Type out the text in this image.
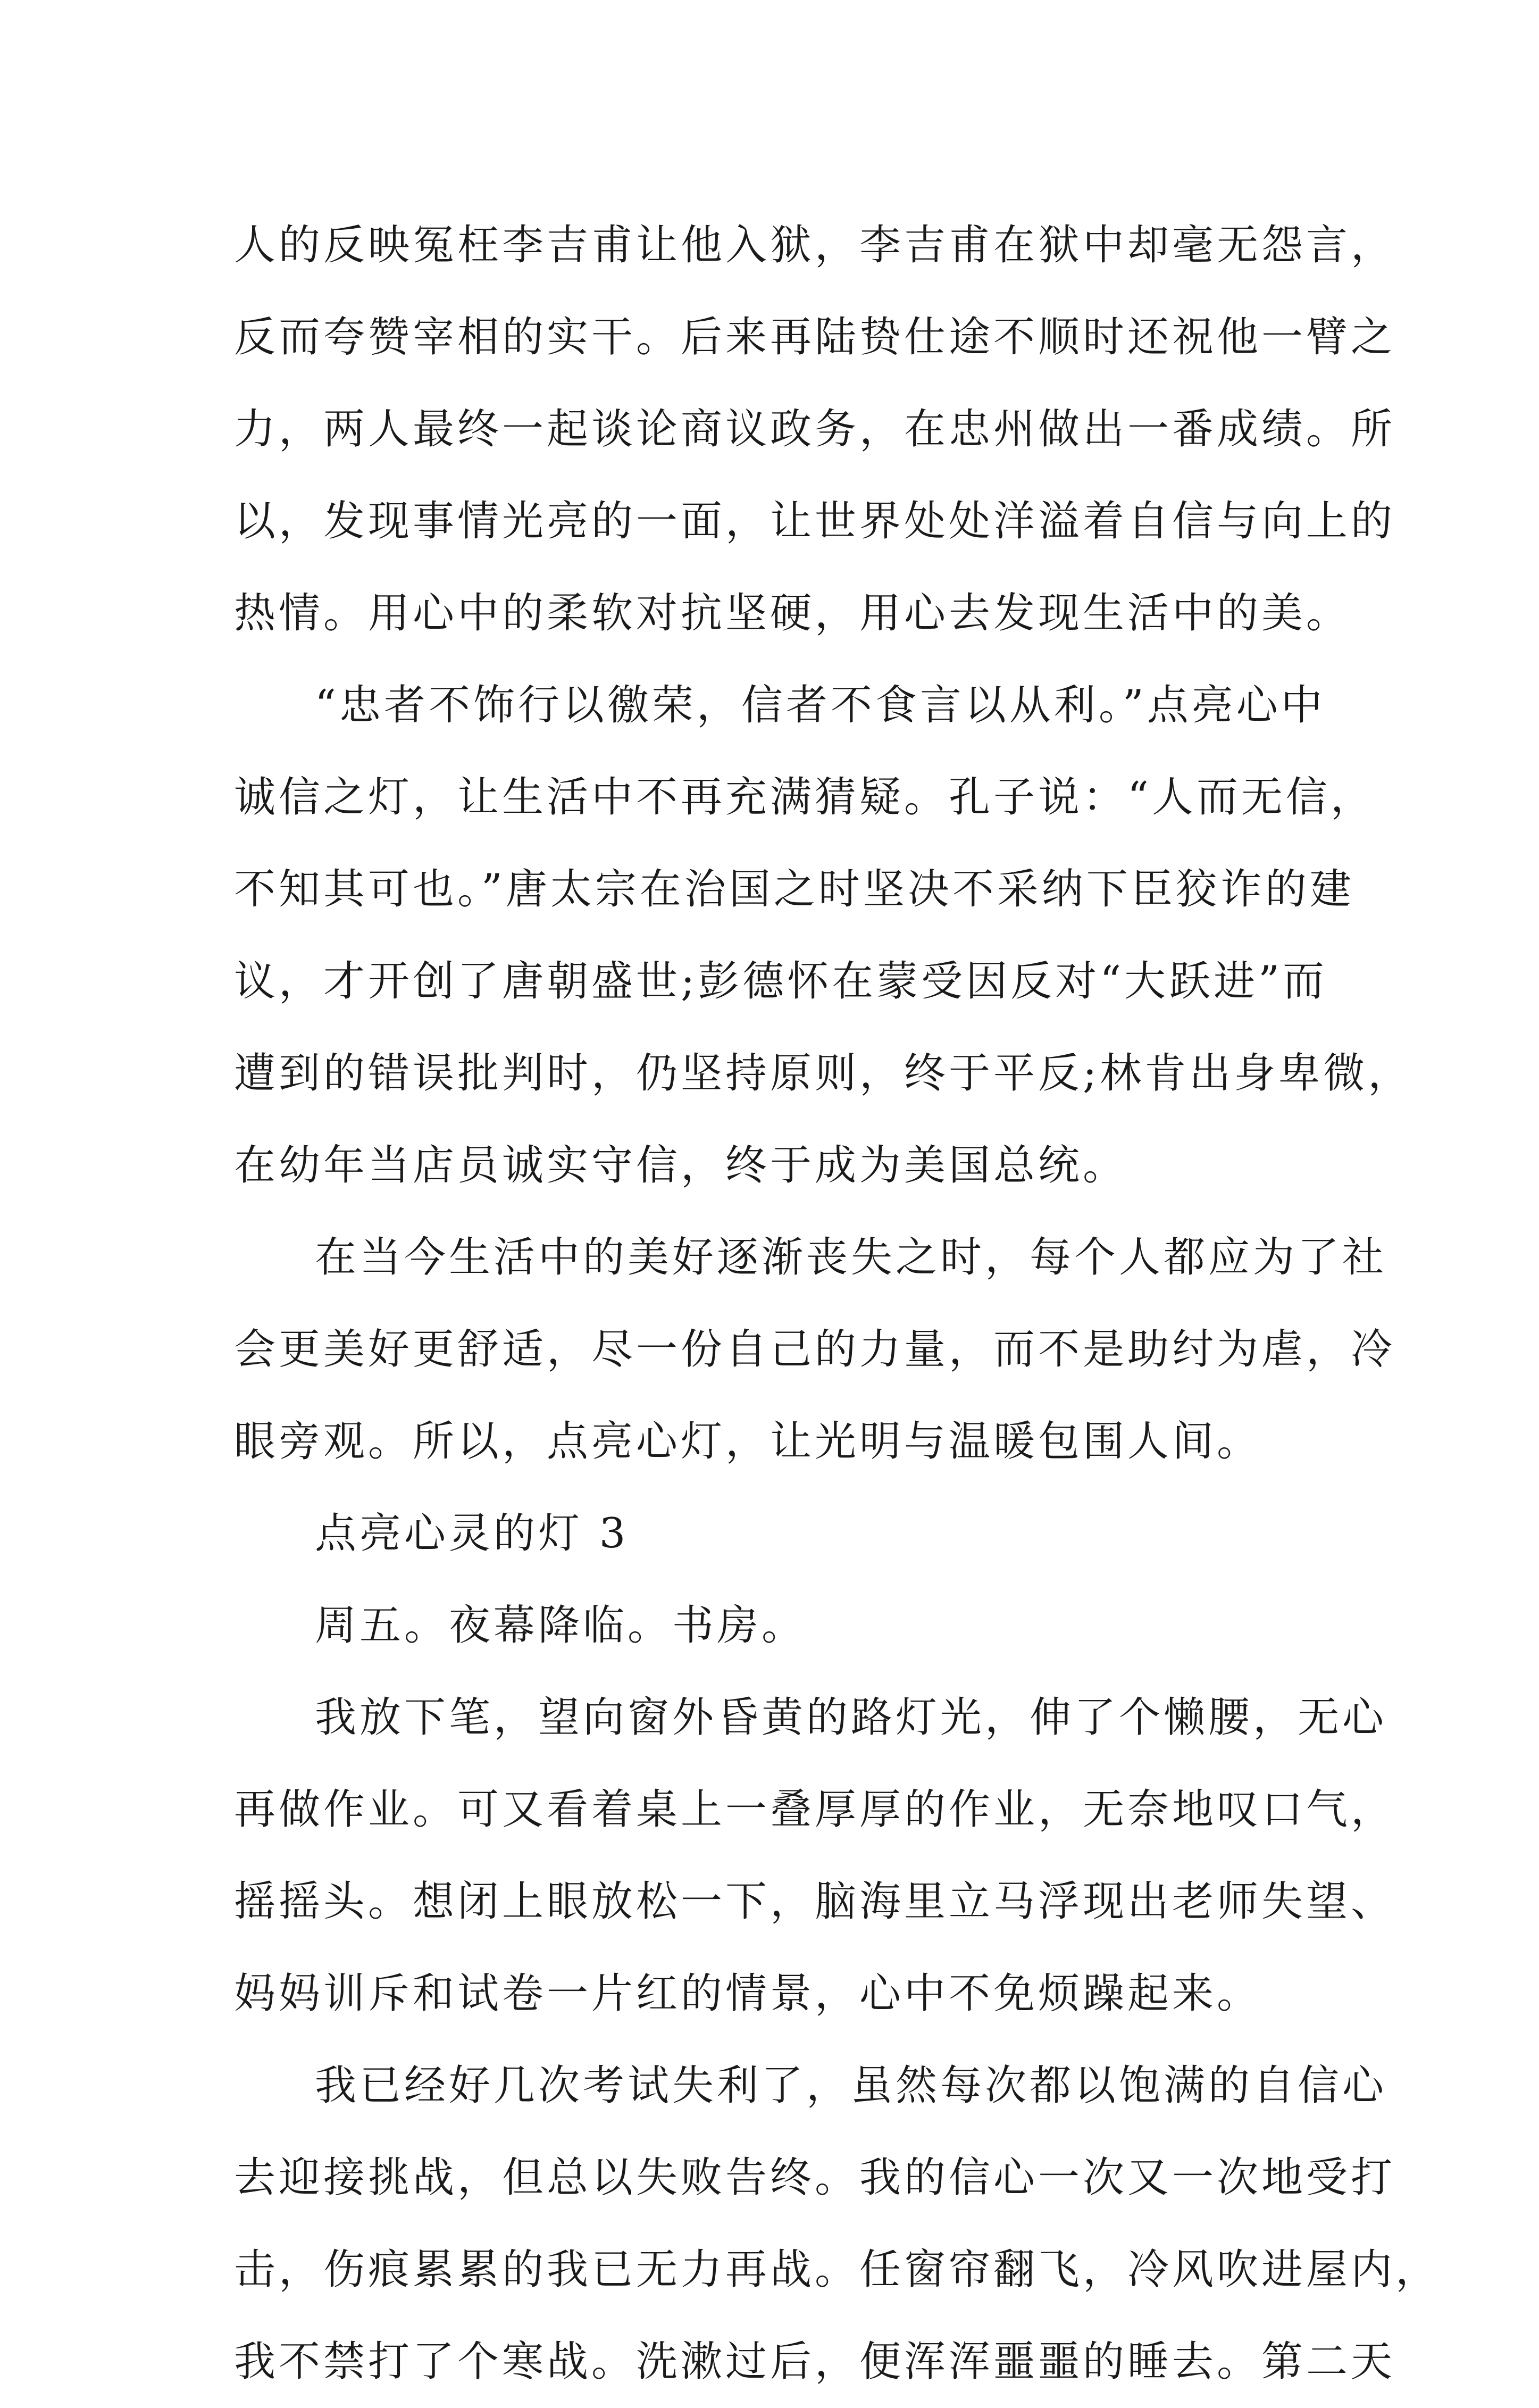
人的反映冤枉李吉甫让他入狱，李吉甫在狱中却毫无怨言，
反而夸赞宰相的实干。后来再陆贽仕途不顺时还祝他一臂之
力，两人最终一起谈论商议政务，在忠州做出一番成绩。所
以，发现事情光亮的一面，让世界处处洋溢着自信与向上的
热情。用心中的柔软对抗坚硬，用心去发现生活中的美。
“忠者不饰行以徼荣，信者不食言以从利。”点亮心中
诚信之灯，让生活中不再充满猜疑。孔子说：“人而无信，
不知其可也。”唐太宗在治国之时坚决不采纳下臣狡诈的建
议，才开创了唐朝盛世;彭德怀在蒙受因反对“大跃进”而
遭到的错误批判时，仍坚持原则，终于平反;林肯出身卑微，
在幼年当店员诚实守信，终于成为美国总统。
在当今生活中的美好逐渐丧失之时，每个人都应为了社
会更美好更舒适，尽一份自己的力量，而不是助纣为虐，冷
眼旁观。所以，点亮心灯，让光明与温暖包围人间。
点亮心灵的灯 3
周五。夜幕降临。书房。
我放下笔，望向窗外昏黄的路灯光，伸了个懒腰，无心
再做作业。可又看着桌上一叠厚厚的作业，无奈地叹口气，
摇摇头。想闭上眼放松一下，脑海里立马浮现出老师失望、
妈妈训斥和试卷一片红的情景，心中不免烦躁起来。
我已经好几次考试失利了，虽然每次都以饱满的自信心
去迎接挑战，但总以失败告终。我的信心一次又一次地受打
击，伤痕累累的我已无力再战。任窗帘翻飞，冷风吹进屋内，
我不禁打了个寒战。洗漱过后，便浑浑噩噩的睡去。第二天
